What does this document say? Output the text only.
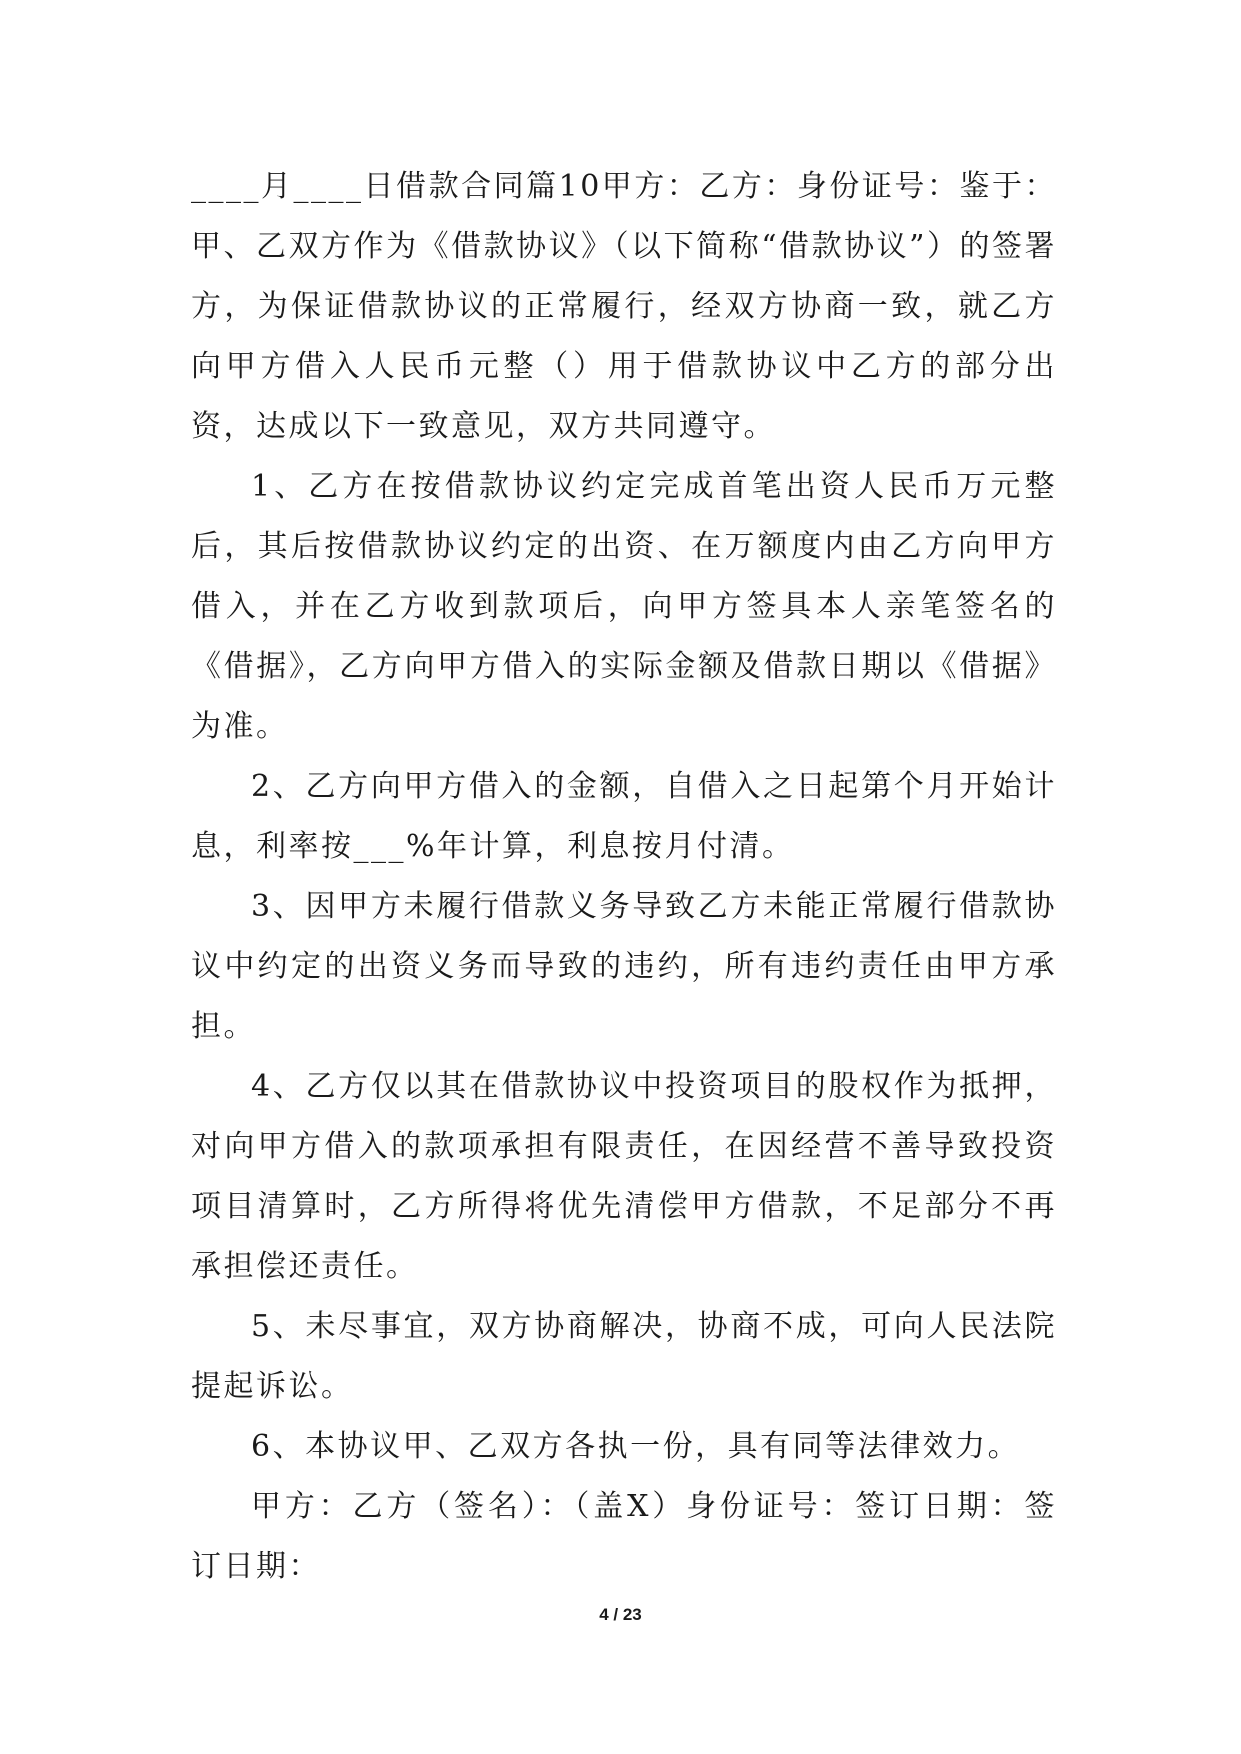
____月____日借款合同篇10甲方：乙方：身份证号：鉴于：甲、乙双方作为《借款协议》（以下简称“借款协议”）的签署方，为保证借款协议的正常履行，经双方协商一致，就乙方向甲方借入人民币元整（）用于借款协议中乙方的部分出资，达成以下一致意见，双方共同遵守。

1、乙方在按借款协议约定完成首笔出资人民币万元整后，其后按借款协议约定的出资、在万额度内由乙方向甲方借入，并在乙方收到款项后，向甲方签具本人亲笔签名的《借据》，乙方向甲方借入的实际金额及借款日期以《借据》为准。

2、乙方向甲方借入的金额，自借入之日起第个月开始计息，利率按___%年计算，利息按月付清。

3、因甲方未履行借款义务导致乙方未能正常履行借款协议中约定的出资义务而导致的违约，所有违约责任由甲方承担。

4、乙方仅以其在借款协议中投资项目的股权作为抵押，对向甲方借入的款项承担有限责任，在因经营不善导致投资项目清算时，乙方所得将优先清偿甲方借款，不足部分不再承担偿还责任。

5、未尽事宜，双方协商解决，协商不成，可向人民法院提起诉讼。

6、本协议甲、乙双方各执一份，具有同等法律效力。

甲方：乙方（签名）：（盖X）身份证号：签订日期：签订日期：

4 / 23
